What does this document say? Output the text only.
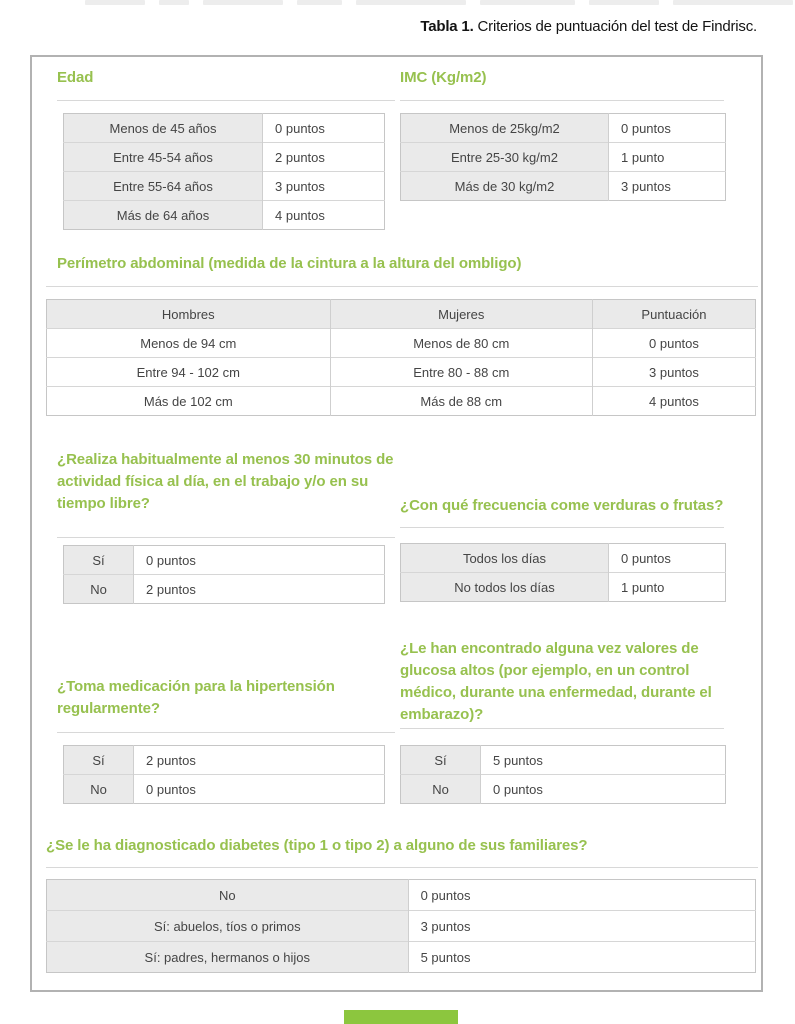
Tabla 1. Criterios de puntuación del test de Findrisc.
Edad
Menos de 45 años	0 puntos
Entre 45-54 años	2 puntos
Entre 55-64 años	3 puntos
Más de 64 años	4 puntos
IMC (Kg/m2)
Menos de 25kg/m2	0 puntos
Entre 25-30 kg/m2	1 punto
Más de 30 kg/m2	3 puntos
Perímetro abdominal (medida de la cintura a la altura del ombligo)
Hombres	Mujeres	Puntuación
Menos de 94 cm	Menos de 80 cm	0 puntos
Entre 94 - 102 cm	Entre 80 - 88 cm	3 puntos
Más de 102 cm	Más de 88 cm	4 puntos
¿Realiza habitualmente al menos 30 minutos de actividad física al día, en el trabajo y/o en su tiempo libre?
Sí	0 puntos
No	2 puntos
¿Con qué frecuencia come verduras o frutas?
Todos los días	0 puntos
No todos los días	1 punto
¿Toma medicación para la hipertensión regularmente?
Sí	2 puntos
No	0 puntos
¿Le han encontrado alguna vez valores de glucosa altos (por ejemplo, en un control médico, durante una enfermedad, durante el embarazo)?
Sí	5 puntos
No	0 puntos
¿Se le ha diagnosticado diabetes (tipo 1 o tipo 2) a alguno de sus familiares?
No	0 puntos
Sí: abuelos, tíos o primos	3 puntos
Sí: padres, hermanos o hijos	5 puntos
